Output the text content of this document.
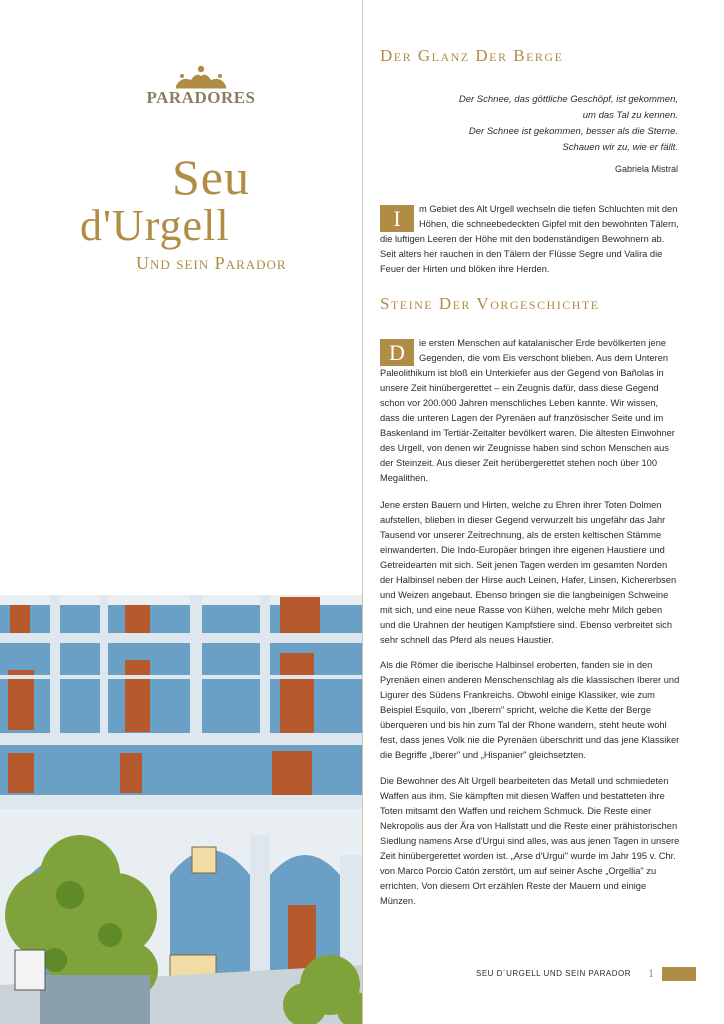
PARADORES
Seu
d'Urgell
Und sein Parador
Der Glanz Der Berge
Der Schnee, das göttliche Geschöpf, ist gekommen,
um das Tal zu kennen.
Der Schnee ist gekommen, besser als die Sterne.
Schauen wir zu, wie er fällt.
Gabriela Mistral

I	m Gebiet des Alt Urgell wechseln die tiefen Schluchten mit den Höhen, die schneebedeckten Gipfel mit den bewohnten Tälern, die luftigen Leeren der Höhe mit den bodenständigen Bewohnern ab. Seit alters her rauchen in den Tälern der Flüsse Segre und Valira die Feuer der Hirten und blöken ihre Herden.

Steine Der Vorgeschichte

D	ie ersten Menschen auf katalanischer Erde bevölkerten jene Gegenden, die vom Eis verschont blieben. Aus dem Unteren Paleolithikum ist bloß ein Unterkiefer aus der Gegend von Bañolas in unsere Zeit hinübergerettet – ein Zeugnis dafür, dass diese Gegend schon vor 200.000 Jahren menschliches Leben kannte. Wir wissen, dass die unteren Lagen der Pyrenäen auf französischer Seite und im Baskenland im Tertiär-Zeitalter bevölkert waren. Die ältesten Einwohner des Urgell, von denen wir Zeugnisse haben sind schon Menschen aus der Steinzeit. Aus dieser Zeit herübergerettet stehen noch über 100 Megalithen.

Jene ersten Bauern und Hirten, welche zu Ehren ihrer Toten Dolmen aufstellen, blieben in dieser Gegend verwurzelt bis ungefähr das Jahr Tausend vor unserer Zeitrechnung, als de ersten keltischen Stämme einwanderten. Die Indo-Europäer bringen ihre eigenen Haustiere und Getreidearten mit sich. Seit jenen Tagen werden im gesamten Norden der Halbinsel neben der Hirse auch Leinen, Hafer, Linsen, Kichererbsen und Weizen angebaut. Ebenso bringen sie die langbeinigen Schweine mit sich, und eine neue Rasse von Kühen, welche mehr Milch geben und die Urahnen der heutigen Kampfstiere sind. Ebenso verbreitet sich sehr schnell das Pferd als neues Haustier.

Als die Römer die iberische Halbinsel eroberten, fanden sie in den Pyrenäen einen anderen Menschenschlag als die klassischen Iberer und Ligurer des Südens Frankreichs. Obwohl einige Klassiker, wie zum Beispiel Esquilo, von „Iberern" spricht, welche die Kette der Berge überqueren und bis hin zum Tal der Rhone wandern, steht heute wohl fest, dass jenes Volk nie die Pyrenäen überschritt und das jene Klassiker die Begriffe „Iberer" und „Hispanier" gleichsetzten.

Die Bewohner des Alt Urgell bearbeiteten das Metall und schmiedeten Waffen aus ihm. Sie kämpften mit diesen Waffen und bestatteten ihre Toten mitsamt den Waffen und reichem Schmuck. Die Reste einer Nekropolis aus der Ära von Hallstatt und die Reste einer prähistorischen Siedlung namens Arse d'Urgui sind alles, was aus jenen Tagen in unsere Zeit hinübergerettet worden ist. „Arse d'Urgui" wurde im Jahr 195 v. Chr. von Marco Porcio Catón zerstört, um auf seiner Asche „Orgellia" zu errichten. Von diesem Ort erzählen Reste der Mauern und einige Münzen.

SEU D´URGELL UND SEIN PARADOR 1
